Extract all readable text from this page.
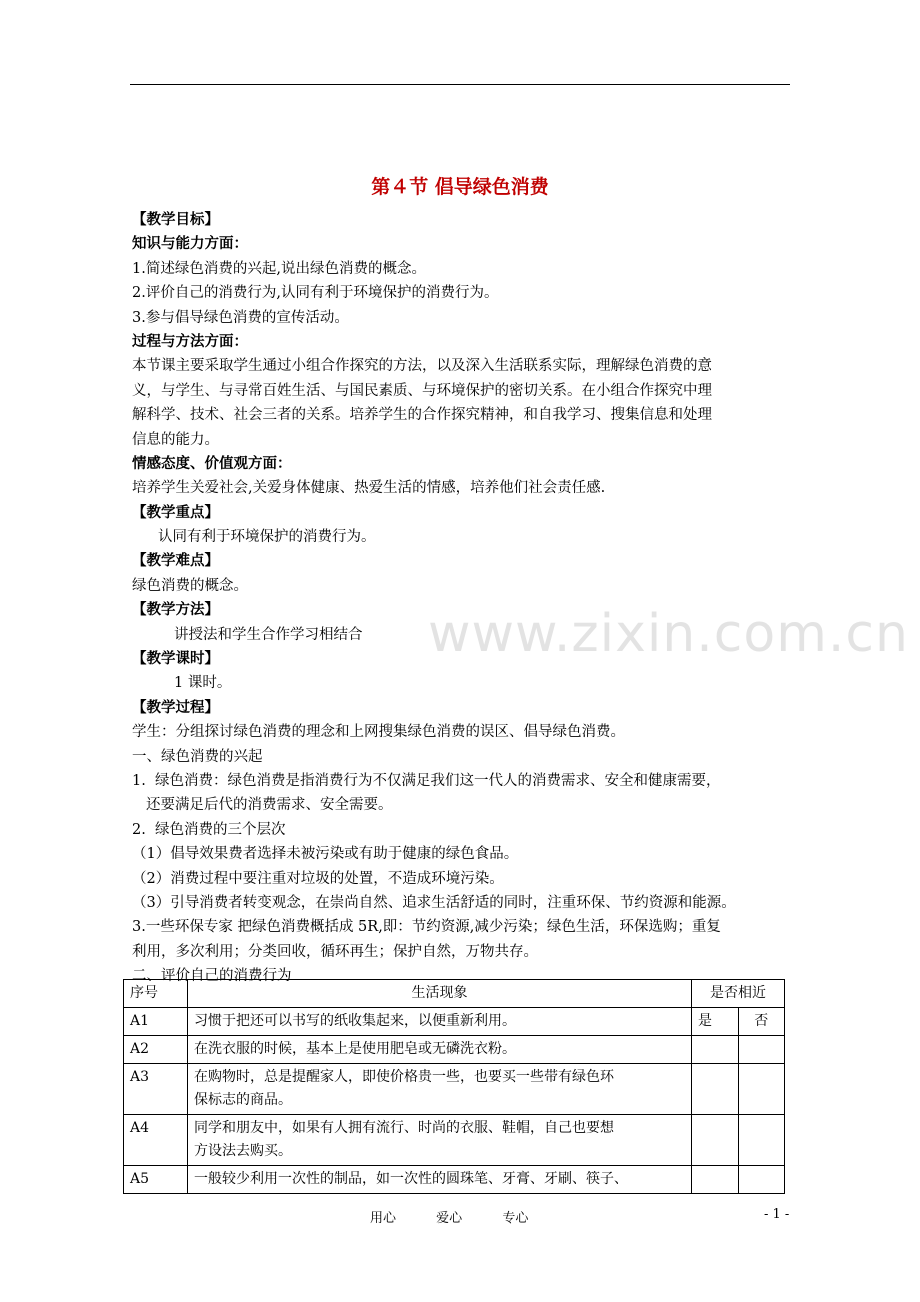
第４节 倡导绿色消费
www.zixin.com.cn
【教学目标】
知识与能力方面：
1.简述绿色消费的兴起,说出绿色消费的概念。
2.评价自己的消费行为,认同有利于环境保护的消费行为。
3.参与倡导绿色消费的宣传活动。
过程与方法方面：
本节课主要采取学生通过小组合作探究的方法，以及深入生活联系实际，理解绿色消费的意
义，与学生、与寻常百姓生活、与国民素质、与环境保护的密切关系。在小组合作探究中理
解科学、技术、社会三者的关系。培养学生的合作探究精神，和自我学习、搜集信息和处理
信息的能力。
情感态度、价值观方面：
培养学生关爱社会,关爱身体健康、热爱生活的情感，培养他们社会责任感.
【教学重点】
认同有利于环境保护的消费行为。
【教学难点】
绿色消费的概念。
【教学方法】
讲授法和学生合作学习相结合
【教学课时】
1 课时。
【教学过程】
学生：分组探讨绿色消费的理念和上网搜集绿色消费的误区、倡导绿色消费。
一、绿色消费的兴起
1.  绿色消费：绿色消费是指消费行为不仅满足我们这一代人的消费需求、安全和健康需要，
还要满足后代的消费需求、安全需要。
2.  绿色消费的三个层次
（1）倡导效果费者选择未被污染或有助于健康的绿色食品。
（2）消费过程中要注重对垃圾的处置，不造成环境污染。
（3）引导消费者转变观念，在崇尚自然、追求生活舒适的同时，注重环保、节约资源和能源。
3.一些环保专家 把绿色消费概括成 5R,即：节约资源,减少污染；绿色生活，环保选购；重复
利用，多次利用；分类回收，循环再生；保护自然，万物共存。
二、评价自己的消费行为
序号	生活现象	是否相近	

A1	习惯于把还可以书写的纸收集起来，以便重新利用。	是	否
A2	在洗衣服的时候，基本上是使用肥皂或无磷洗衣粉。		
A3	在购物时，总是提醒家人，即使价格贵一些，也要买一些带有绿色环
保标志的商品。		

A4	同学和朋友中，如果有人拥有流行、时尚的衣服、鞋帽，自己也要想
方设法去购买。		

A5	一般较少利用一次性的制品，如一次性的圆珠笔、牙膏、牙刷、筷子、		
用心	爱心	专心	- 1 -
